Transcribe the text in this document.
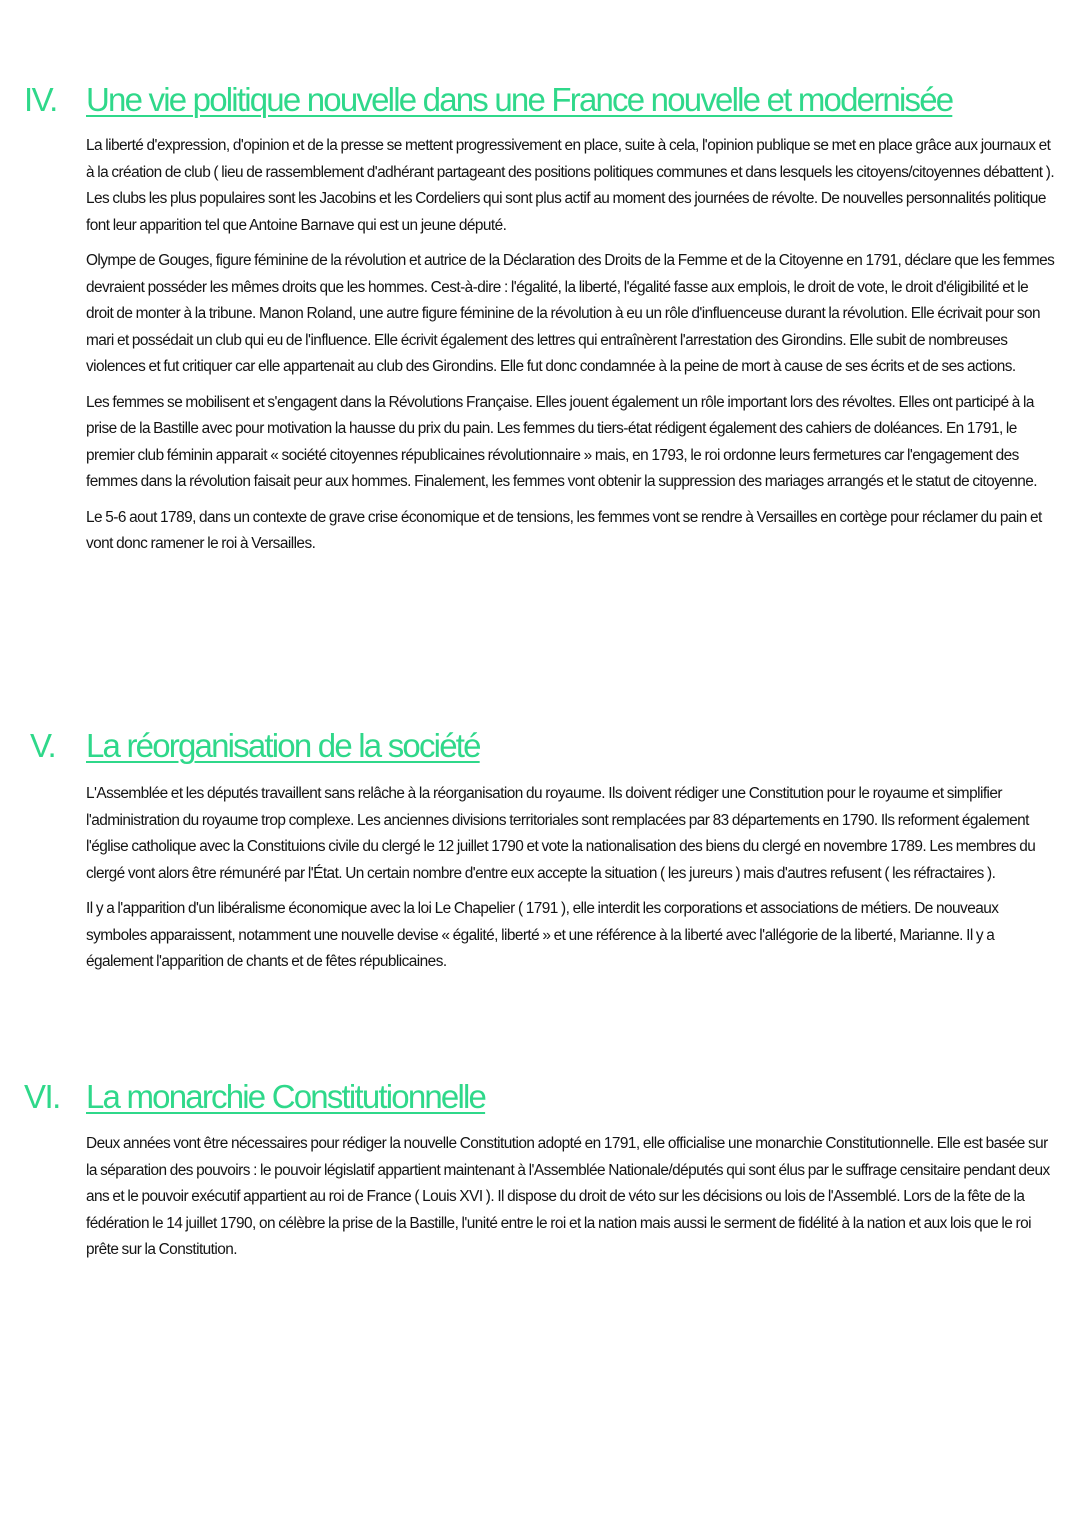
IV. Une vie politique nouvelle dans une France nouvelle et modernisée

La liberté d'expression, d'opinion et de la presse se mettent progressivement en place, suite à cela, l'opinion publique se met en place grâce aux journaux et à la création de club ( lieu de rassemblement d'adhérant partageant des positions politiques communes et dans lesquels les citoyens/citoyennes débattent ). Les clubs les plus populaires sont les Jacobins et les Cordeliers qui sont plus actif au moment des journées de révolte. De nouvelles personnalités politique font leur apparition tel que Antoine Barnave qui est un jeune député.

Olympe de Gouges, figure féminine de la révolution et autrice de la Déclaration des Droits de la Femme et de la Citoyenne en 1791, déclare que les femmes devraient posséder les mêmes droits que les hommes. Cest-à-dire : l'égalité, la liberté, l'égalité fasse aux emplois, le droit de vote, le droit d'éligibilité et le droit de monter à la tribune. Manon Roland, une autre figure féminine de la révolution à eu un rôle d'influenceuse durant la révolution. Elle écrivait pour son mari et possédait un club qui eu de l'influence. Elle écrivit également des lettres qui entraînèrent l'arrestation des Girondins. Elle subit de nombreuses violences et fut critiquer car elle appartenait au club des Girondins. Elle fut donc condamnée à la peine de mort à cause de ses écrits et de ses actions.

Les femmes se mobilisent et s'engagent dans la Révolutions Française. Elles jouent également un rôle important lors des révoltes. Elles ont participé à la prise de la Bastille avec pour motivation la hausse du prix du pain. Les femmes du tiers-état rédigent également des cahiers de doléances. En 1791, le premier club féminin apparait « société citoyennes républicaines révolutionnaire » mais, en 1793, le roi ordonne leurs fermetures car l'engagement des femmes dans la révolution faisait peur aux hommes. Finalement, les femmes vont obtenir la suppression des mariages arrangés et le statut de citoyenne.

Le 5-6 aout 1789, dans un contexte de grave crise économique et de tensions, les femmes vont se rendre à Versailles en cortège pour réclamer du pain et vont donc ramener le roi à Versailles.

V. La réorganisation de la société

L'Assemblée et les députés travaillent sans relâche à la réorganisation du royaume. Ils doivent rédiger une Constitution pour le royaume et simplifier l'administration du royaume trop complexe. Les anciennes divisions territoriales sont remplacées par 83 départements en 1790. Ils reforment également l'église catholique avec la Constituions civile du clergé le 12 juillet 1790 et vote la nationalisation des biens du clergé en novembre 1789. Les membres du clergé vont alors être rémunéré par l'État. Un certain nombre d'entre eux accepte la situation ( les jureurs ) mais d'autres refusent ( les réfractaires ).

Il y a l'apparition d'un libéralisme économique avec la loi Le Chapelier ( 1791 ), elle interdit les corporations et associations de métiers. De nouveaux symboles apparaissent, notamment une nouvelle devise « égalité, liberté » et une référence à la liberté avec l'allégorie de la liberté, Marianne. Il y a également l'apparition de chants et de fêtes républicaines.

VI. La monarchie Constitutionnelle

Deux années vont être nécessaires pour rédiger la nouvelle Constitution adopté en 1791, elle officialise une monarchie Constitutionnelle. Elle est basée sur la séparation des pouvoirs : le pouvoir législatif appartient maintenant à l'Assemblée Nationale/députés qui sont élus par le suffrage censitaire pendant deux ans et le pouvoir exécutif appartient au roi de France ( Louis XVI ). Il dispose du droit de véto sur les décisions ou lois de l'Assemblé. Lors de la fête de la fédération le 14 juillet 1790, on célèbre la prise de la Bastille, l'unité entre le roi et la nation mais aussi le serment de fidélité à la nation et aux lois que le roi prête sur la Constitution.
